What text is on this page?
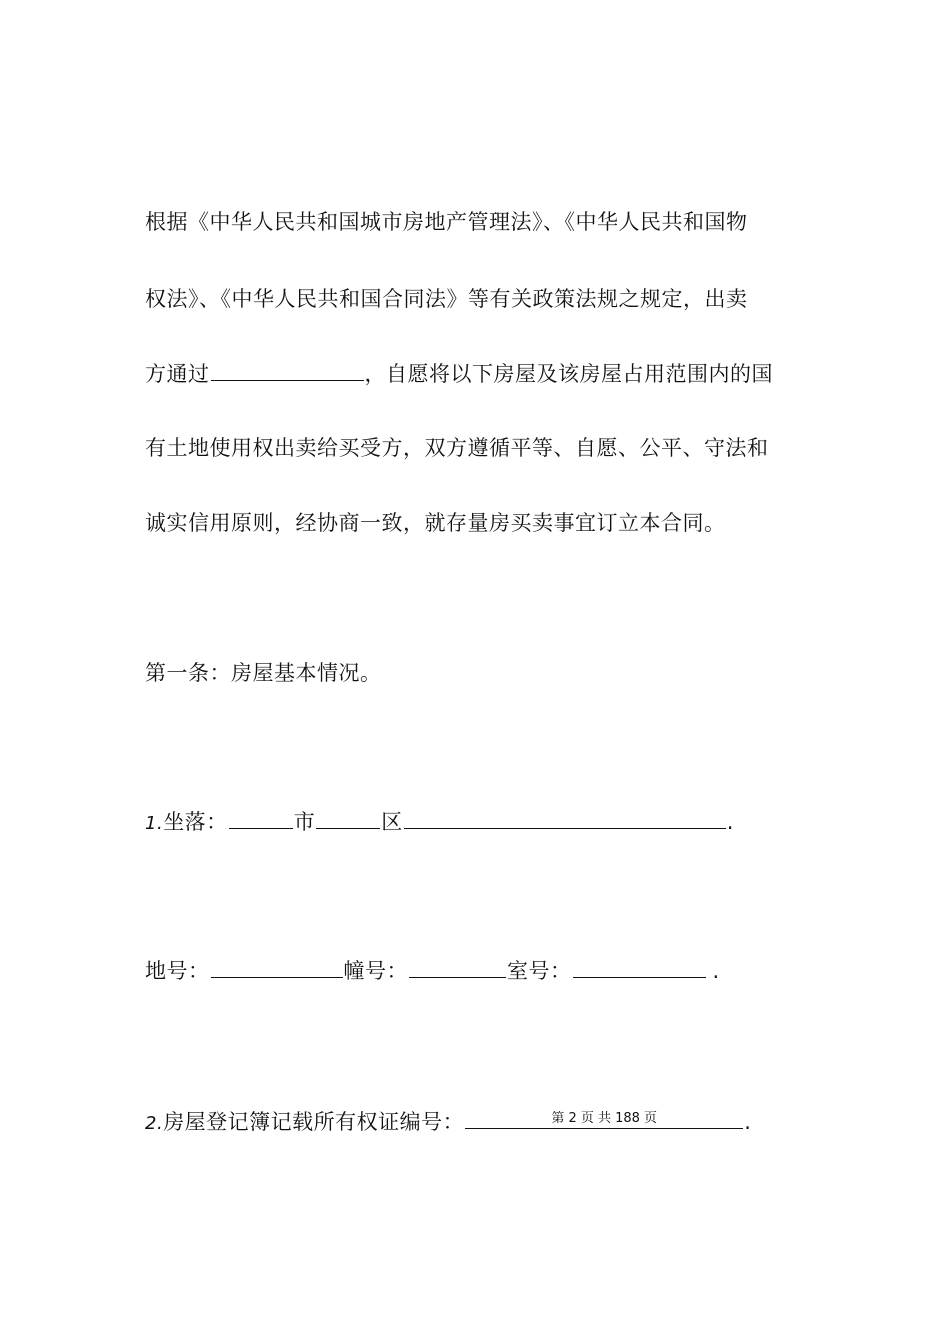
根据《中华人民共和国城市房地产管理法》、《中华人民共和国物
权法》、《中华人民共和国合同法》等有关政策法规之规定，出卖
方通过	，自愿将以下房屋及该房屋占用范围内的国
有土地使用权出卖给买受方，双方遵循平等、自愿、公平、守法和
诚实信用原则，经协商一致，就存量房买卖事宜订立本合同。
第一条：房屋基本情况。
1.坐落：	市	区	.
地号：	幢号：	室号：	.
2.房屋登记簿记载所有权证编号：	第 2 页 共 188 页	.
